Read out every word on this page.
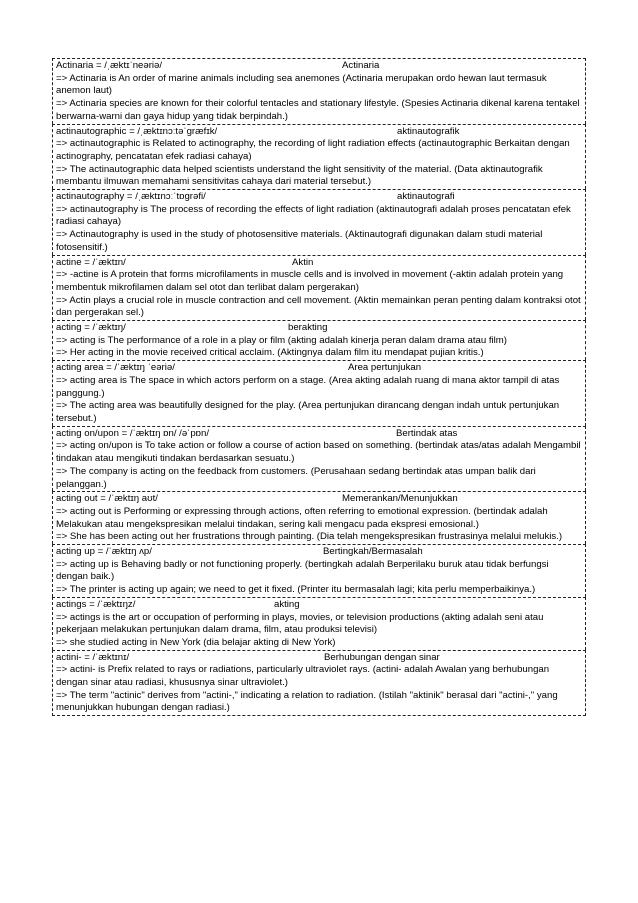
Actinaria = /ˌæktɪˈneəriə/	Actinaria
=> Actinaria is An order of marine animals including sea anemones (Actinaria merupakan ordo hewan laut termasuk anemon laut)
=> Actinaria species are known for their colorful tentacles and stationary lifestyle. (Spesies Actinaria dikenal karena tentakel berwarna-warni dan gaya hidup yang tidak berpindah.)
actinautographic = /ˌæktɪnɔːtəˈɡræfɪk/	aktinautografik
=> actinautographic is Related to actinography, the recording of light radiation effects (actinautographic Berkaitan dengan actinography, pencatatan efek radiasi cahaya)
=> The actinautographic data helped scientists understand the light sensitivity of the material. (Data aktinautografik membantu ilmuwan memahami sensitivitas cahaya dari material tersebut.)
actinautography = /ˌæktɪnɔːˈtɒɡrəfi/	aktinautografi
=> actinautography is The process of recording the effects of light radiation (aktinautografi adalah proses pencatatan efek radiasi cahaya)
=> Actinautography is used in the study of photosensitive materials. (Aktinautografi digunakan dalam studi material fotosensitif.)
actine = /ˈæktɪn/	Aktin
=> -actine is A protein that forms microfilaments in muscle cells and is involved in movement (-aktin adalah protein yang membentuk mikrofilamen dalam sel otot dan terlibat dalam pergerakan)
=> Actin plays a crucial role in muscle contraction and cell movement. (Aktin memainkan peran penting dalam kontraksi otot dan pergerakan sel.)
acting = /ˈæktɪŋ/	berakting
=> acting is The performance of a role in a play or film (akting adalah kinerja peran dalam drama atau film)
=> Her acting in the movie received critical acclaim. (Aktingnya dalam film itu mendapat pujian kritis.)
acting area = /ˈæktɪŋ ˈeəriə/	Area pertunjukan
=> acting area is The space in which actors perform on a stage. (Area akting adalah ruang di mana aktor tampil di atas panggung.)
=> The acting area was beautifully designed for the play. (Area pertunjukan dirancang dengan indah untuk pertunjukan tersebut.)
acting on/upon = /ˈæktɪŋ ɒn/ /əˈpɒn/	Bertindak atas
=> acting on/upon is To take action or follow a course of action based on something. (bertindak atas/atas adalah Mengambil tindakan atau mengikuti tindakan berdasarkan sesuatu.)
=> The company is acting on the feedback from customers. (Perusahaan sedang bertindak atas umpan balik dari pelanggan.)
acting out = /ˈæktɪŋ aʊt/	Memerankan/Menunjukkan
=> acting out is Performing or expressing through actions, often referring to emotional expression. (bertindak adalah Melakukan atau mengekspresikan melalui tindakan, sering kali mengacu pada ekspresi emosional.)
=> She has been acting out her frustrations through painting. (Dia telah mengekspresikan frustrasinya melalui melukis.)
acting up = /ˈæktɪŋ ʌp/	Bertingkah/Bermasalah
=> acting up is Behaving badly or not functioning properly. (bertingkah adalah Berperilaku buruk atau tidak berfungsi dengan baik.)
=> The printer is acting up again; we need to get it fixed. (Printer itu bermasalah lagi; kita perlu memperbaikinya.)
actings = /ˈæktɪŋz/	akting
=> actings is the art or occupation of performing in plays, movies, or television productions (akting adalah seni atau pekerjaan melakukan pertunjukan dalam drama, film, atau produksi televisi)
=> she studied acting in New York (dia belajar akting di New York)
actini- = /ˈæktɪnɪ/	Berhubungan dengan sinar
=> actini- is Prefix related to rays or radiations, particularly ultraviolet rays. (actini- adalah Awalan yang berhubungan dengan sinar atau radiasi, khususnya sinar ultraviolet.)
=> The term "actinic" derives from "actini-," indicating a relation to radiation. (Istilah "aktinik" berasal dari "actini-," yang menunjukkan hubungan dengan radiasi.)
